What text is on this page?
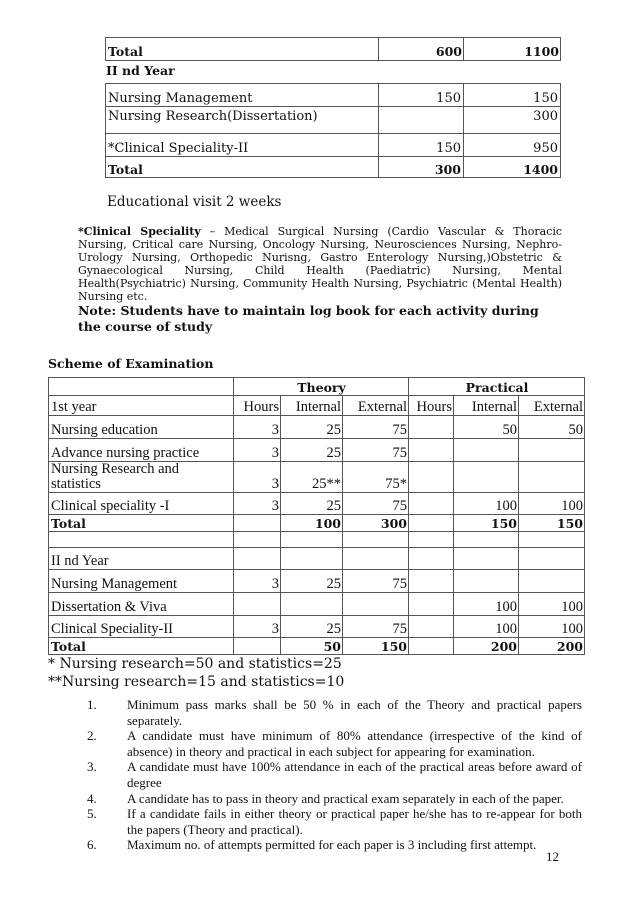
Total	600	1100
II nd Year
Nursing Management	150	150
Nursing Research(Dissertation)		300
*Clinical Speciality-II	150	950
Total	300	1400
Educational visit 2 weeks
*Clinical Speciality – Medical Surgical Nursing (Cardio Vascular & Thoracic Nursing, Critical care Nursing, Oncology Nursing, Neurosciences Nursing, Nephro-Urology Nursing, Orthopedic Nurisng, Gastro Enterology Nursing,)Obstetric & Gynaecological Nursing, Child Health (Paediatric) Nursing, Mental Health(Psychiatric) Nursing, Community Health Nursing, Psychiatric (Mental Health) Nursing etc.
Note: Students have to maintain log book for each activity during the course of study
Scheme of Examination
	Theory			Practical		
1st year	Hours	Internal	External	Hours	Internal	External
Nursing education	3	25	75		50	50
Advance nursing practice	3	25	75			
Nursing Research and statistics	3	25**	75*			
Clinical speciality -I	3	25	75		100	100
Total		100	300		150	150

II nd Year						
Nursing Management	3	25	75			
Dissertation & Viva					100	100
Clinical Speciality-II	3	25	75		100	100
Total		50	150		200	200
* Nursing research=50 and statistics=25
**Nursing research=15 and statistics=10
1.	Minimum pass marks shall be 50 % in each of the Theory and practical papers separately.
2.	A candidate must have minimum of 80% attendance (irrespective of the kind of absence) in theory and practical in each subject for appearing for examination.
3.	A candidate must have 100% attendance in each of the practical areas before award of degree
4.	A candidate has to pass in theory and practical exam separately in each of the paper.
5.	If a candidate fails in either theory or practical paper he/she has to re-appear for both the papers (Theory and practical).
6.	Maximum no. of attempts permitted for each paper is 3 including first attempt.
12
